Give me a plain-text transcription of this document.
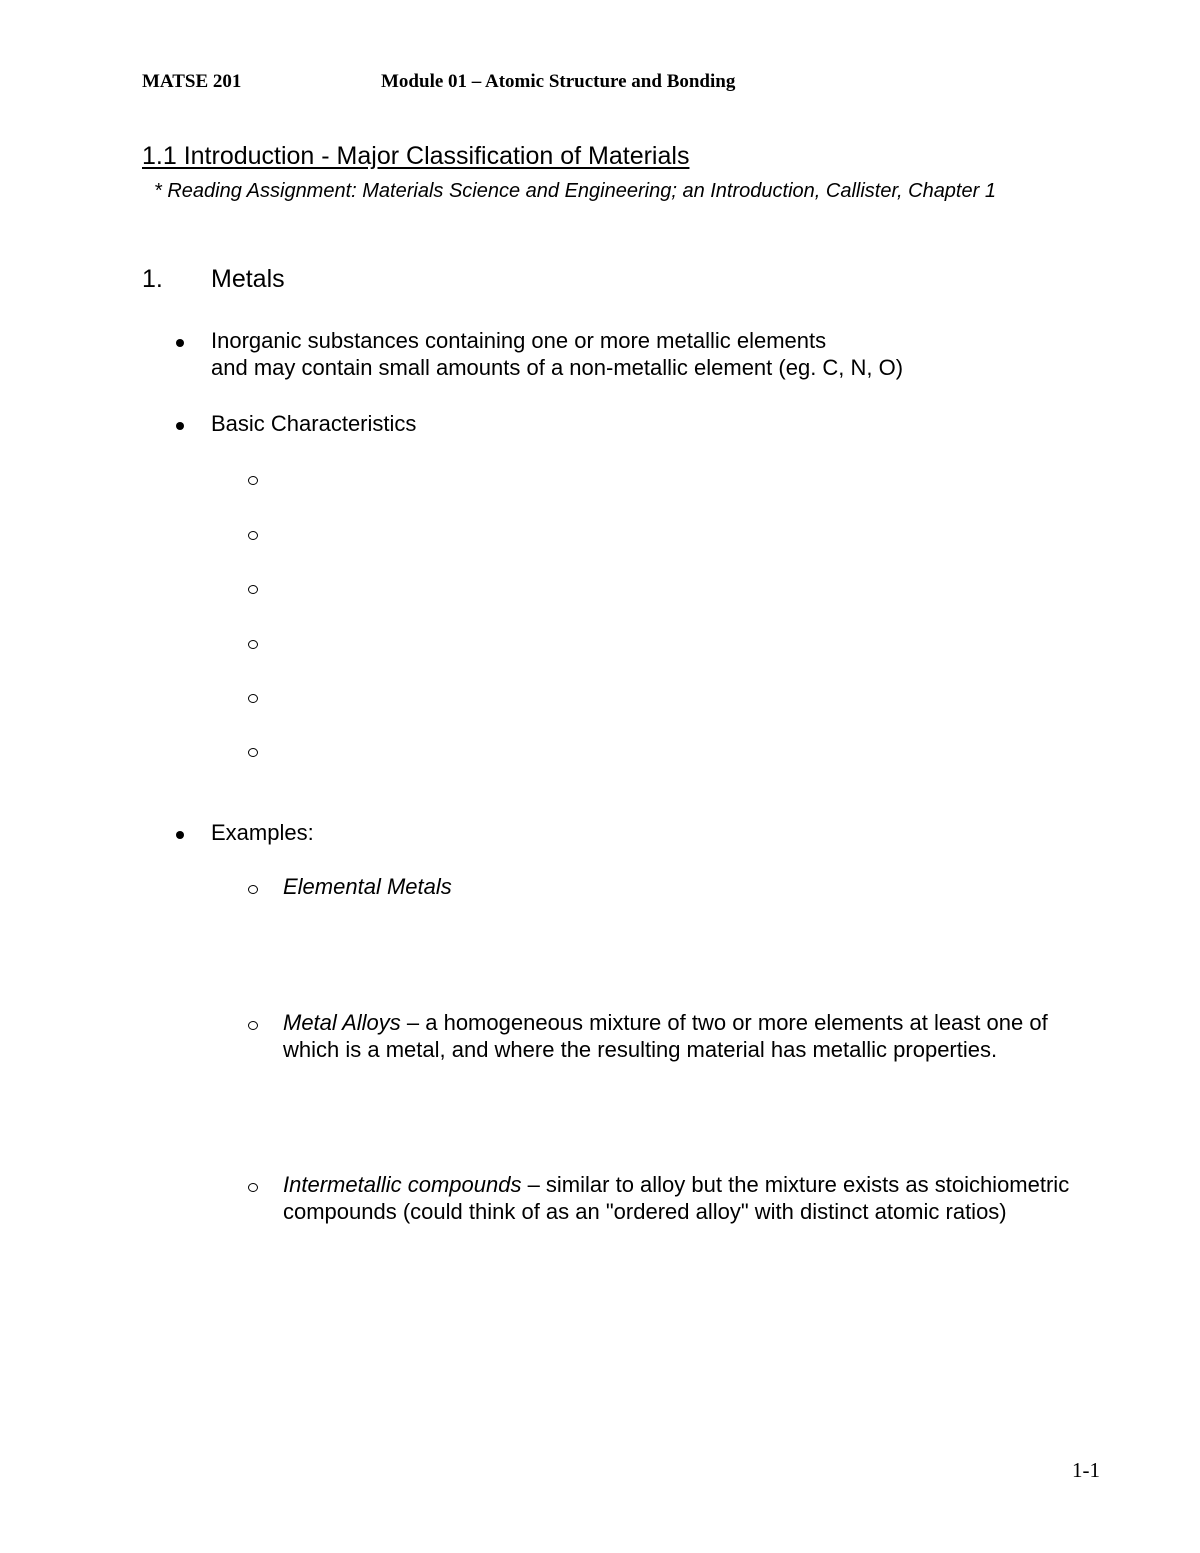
MATSE 201	Module 01 – Atomic Structure and Bonding
1.1 Introduction - Major Classification of Materials
* Reading Assignment: Materials Science and Engineering; an Introduction, Callister, Chapter 1
1. Metals
Inorganic substances containing one or more metallic elements
and may contain small amounts of a non-metallic element (eg. C, N, O)
Basic Characteristics
Examples:
Elemental Metals
Metal Alloys – a homogeneous mixture of two or more elements at least one of
which is a metal, and where the resulting material has metallic properties.
Intermetallic compounds – similar to alloy but the mixture exists as stoichiometric
compounds (could think of as an "ordered alloy" with distinct atomic ratios)
1-1
